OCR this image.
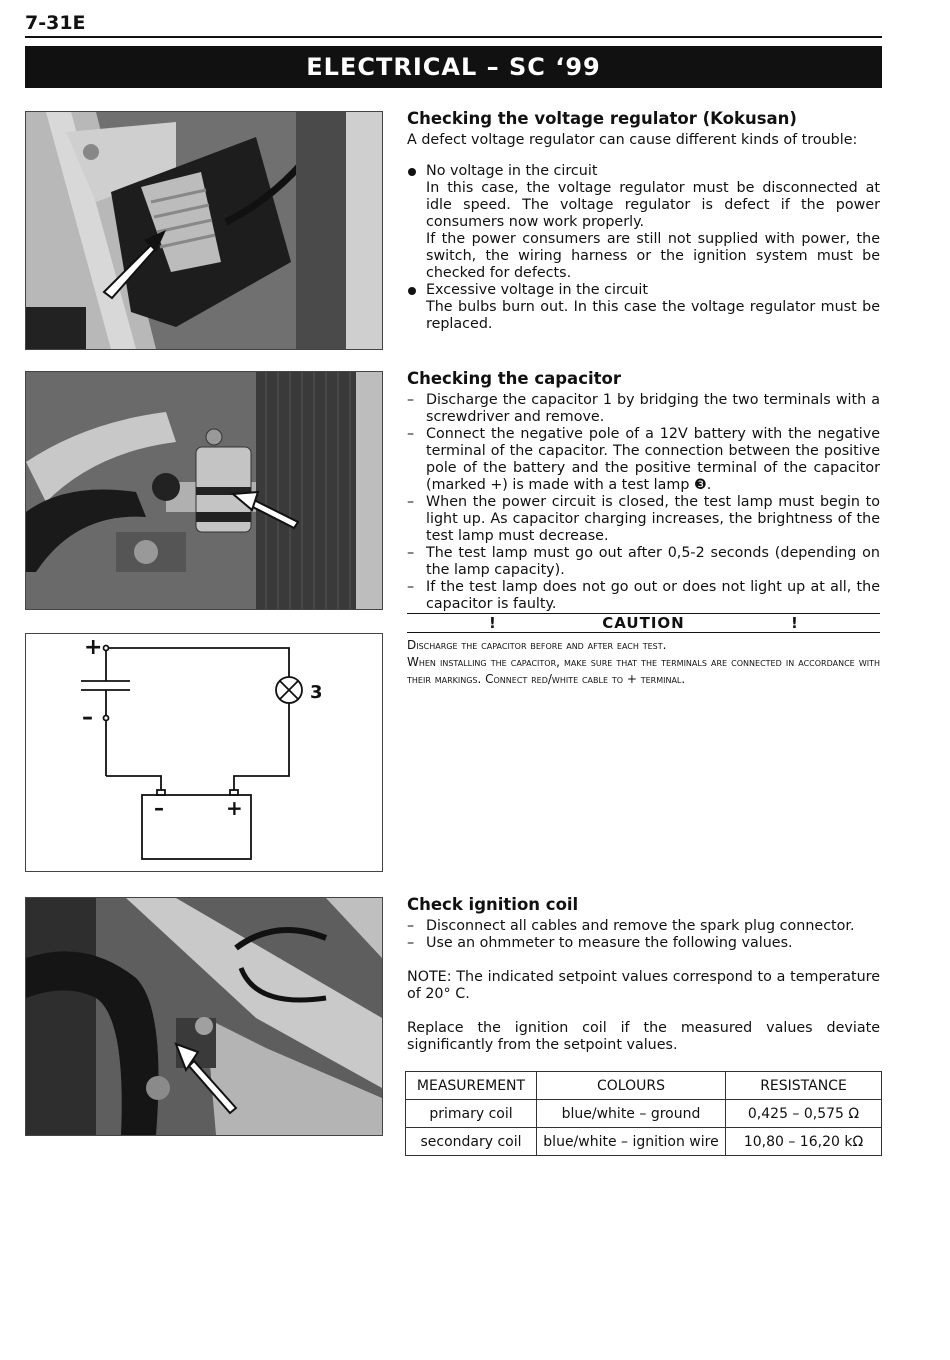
7-31E
ELECTRICAL – SC ‘99
Checking the voltage regulator (Kokusan)

A defect voltage regulator can cause different kinds of trouble:

No voltage in the circuit
In this case, the voltage regulator must be disconnected at idle speed. The voltage regulator is defect if the power consumers now work properly.
If the power consumers are still not supplied with power, the switch, the wiring harness or the ignition system must be checked for defects.
Excessive voltage in the circuit
The bulbs burn out. In this case the voltage regulator must be replaced.
Checking the capacitor
– Discharge the capacitor 1 by bridging the two terminals with a screwdriver and remove.
– Connect the negative pole of a 12V battery with the negative terminal of the capacitor. The connection between the positive pole of the battery and the positive terminal of the capacitor (marked +) is made with a test lamp ❸.
– When the power circuit is closed, the test lamp must begin to light up. As capacitor charging increases, the brightness of the test lamp must decrease.
– The test lamp must go out after 0,5-2 seconds (depending on the lamp capacity).
– If the test lamp does not go out or does not light up at all, the capacitor is faulty.
!	CAUTION	!

Discharge the capacitor before and after each test.

When installing the capacitor, make sure that the terminals are connected in accordance with their markings. Connect red/white cable to + terminal.

+
–
3
–	+
Check ignition coil
– Disconnect all cables and remove the spark plug connector.
– Use an ohmmeter to measure the following values.

NOTE: The indicated setpoint values correspond to a temperature of 20° C.

Replace the ignition coil if the measured values deviate significantly from the setpoint values.

MEASUREMENT	COLOURS	RESISTANCE
primary coil	blue/white – ground	0,425 – 0,575 Ω
secondary coil	blue/white – ignition wire	10,80 – 16,20 kΩ
